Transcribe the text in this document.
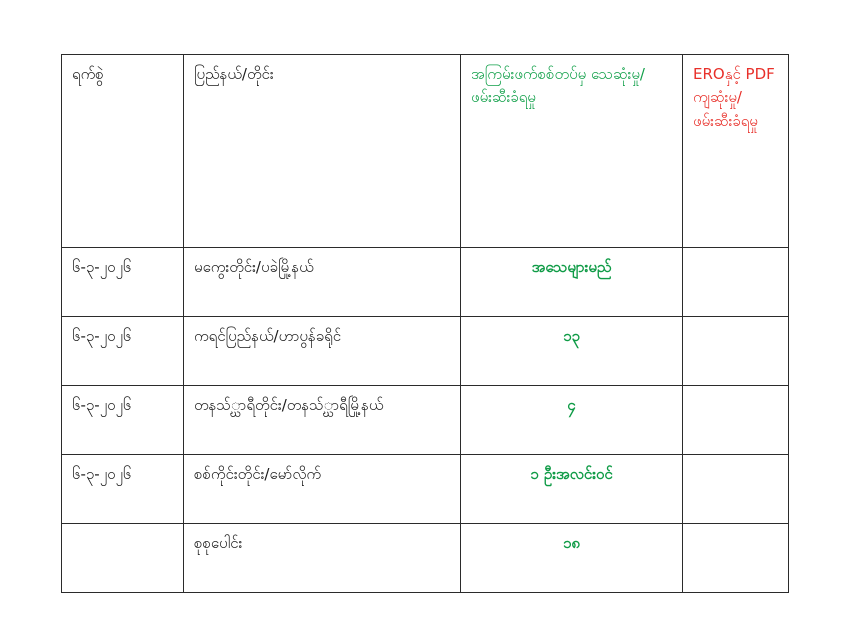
ရက်စွဲ	ပြည်နယ်/တိုင်း	အကြမ်းဖက်စစ်တပ်မှ သေဆုံးမှု/ ဖမ်းဆီးခံရမှု	EROနှင့် PDF ကျဆုံးမှု/ ဖမ်းဆီးခံရမှု
၆-၃-၂၀၂၆	မကွေးတိုင်း/ပခဲမြို့နယ်	အသေများမည်	
၆-၃-၂၀၂၆	ကရင်ပြည်နယ်/ဟာပွန်ခရိုင်	၁၃	
၆-၃-၂၀၂၆	တနသ်္ဃာရီတိုင်း/တနသ်္ဃာရီမြို့နယ်	၄	
၆-၃-၂၀၂၆	စစ်ကိုင်းတိုင်း/မော်လိုက်	၁ ဦးအလင်းဝင်	
	စုစုပေါင်း	၁၈	
